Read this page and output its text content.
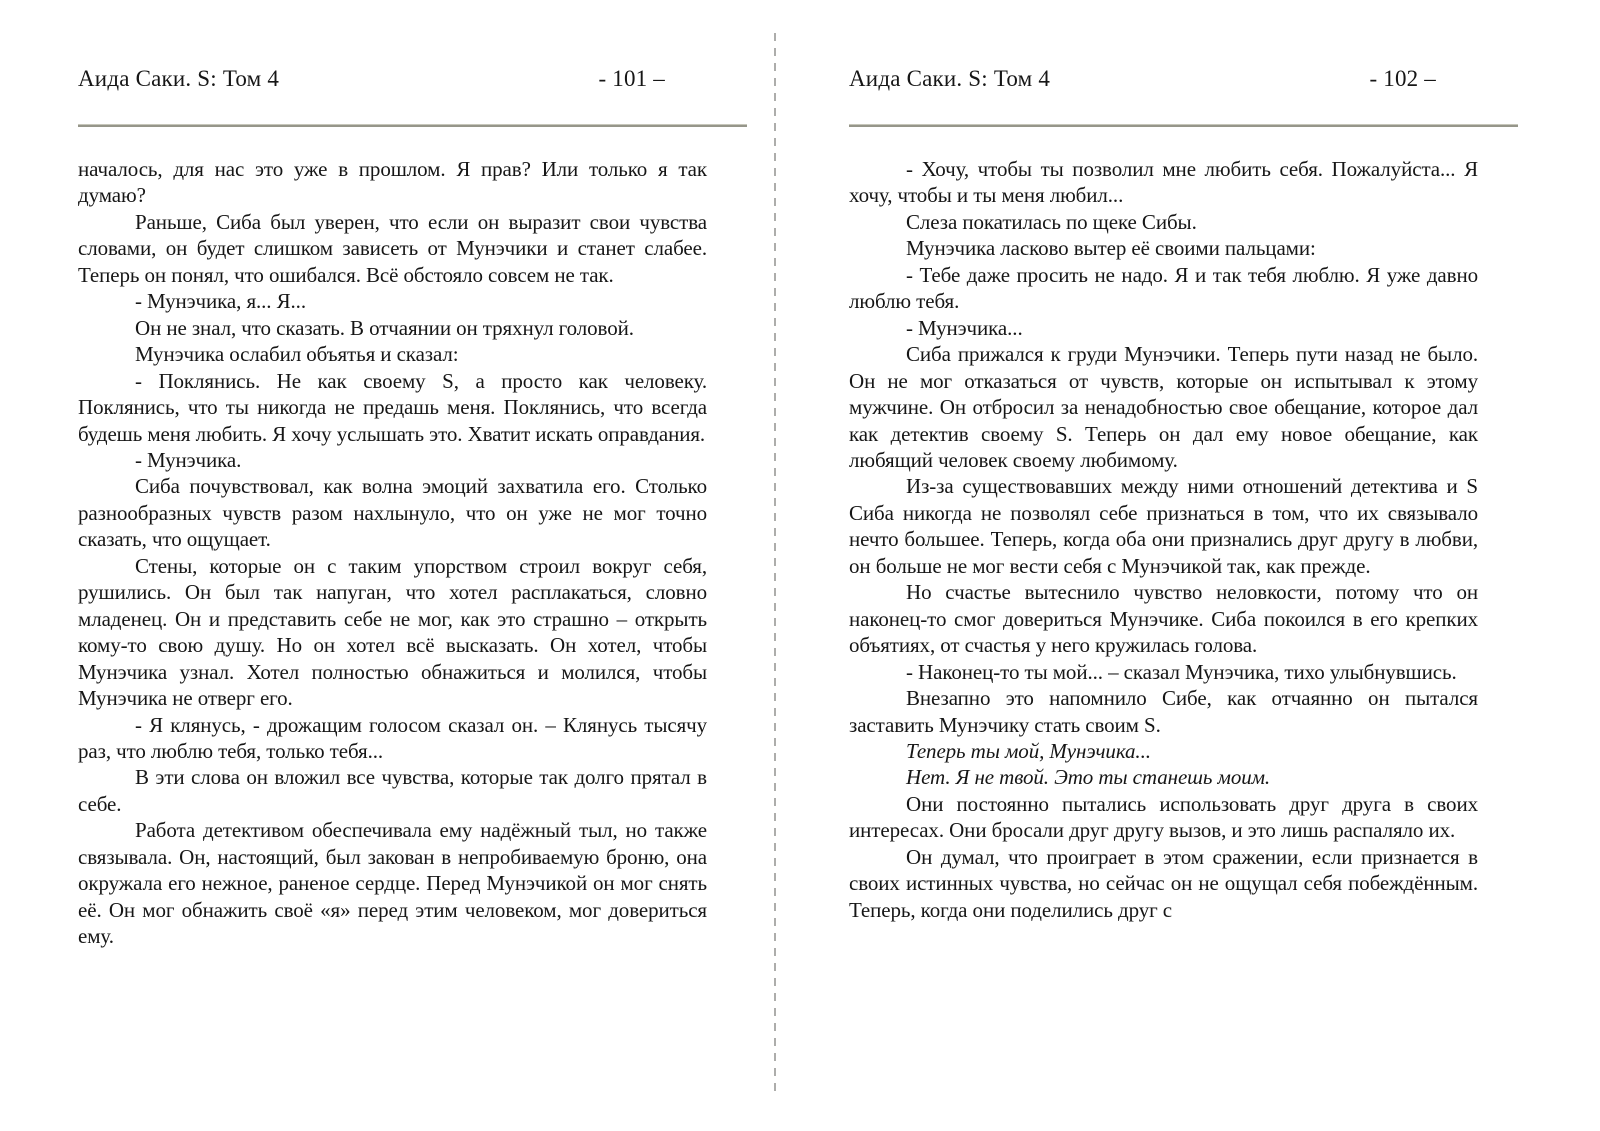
Аида Саки. S: Том 4	- 101 –

началось, для нас это уже в прошлом. Я прав? Или только я так думаю?

Раньше, Сиба был уверен, что если он выразит свои чувства словами, он будет слишком зависеть от Мунэчики и станет слабее. Теперь он понял, что ошибался. Всё обстояло совсем не так.

- Мунэчика, я... Я...

Он не знал, что сказать. В отчаянии он тряхнул головой.

Мунэчика ослабил объятья и сказал:

- Поклянись. Не как своему S, а просто как человеку. Поклянись, что ты никогда не предашь меня. Поклянись, что всегда будешь меня любить. Я хочу услышать это. Хватит искать оправдания.

- Мунэчика.

Сиба почувствовал, как волна эмоций захватила его. Столько разнообразных чувств разом нахлынуло, что он уже не мог точно сказать, что ощущает.

Стены, которые он с таким упорством строил вокруг себя, рушились. Он был так напуган, что хотел расплакаться, словно младенец. Он и представить себе не мог, как это страшно – открыть кому-то свою душу. Но он хотел всё высказать. Он хотел, чтобы Мунэчика узнал. Хотел полностью обнажиться и молился, чтобы Мунэчика не отверг его.

- Я клянусь, - дрожащим голосом сказал он. – Клянусь тысячу раз, что люблю тебя, только тебя...

В эти слова он вложил все чувства, которые так долго прятал в себе.

Работа детективом обеспечивала ему надёжный тыл, но также связывала. Он, настоящий, был закован в непробиваемую броню, она окружала его нежное, раненое сердце. Перед Мунэчикой он мог снять её. Он мог обнажить своё «я» перед этим человеком, мог довериться ему.

Аида Саки. S: Том 4	- 102 –

- Хочу, чтобы ты позволил мне любить себя. Пожалуйста... Я хочу, чтобы и ты меня любил...

Слеза покатилась по щеке Сибы.

Мунэчика ласково вытер её своими пальцами:

- Тебе даже просить не надо. Я и так тебя люблю. Я уже давно люблю тебя.

- Мунэчика...

Сиба прижался к груди Мунэчики. Теперь пути назад не было. Он не мог отказаться от чувств, которые он испытывал к этому мужчине. Он отбросил за ненадобностью свое обещание, которое дал как детектив своему S. Теперь он дал ему новое обещание, как любящий человек своему любимому.

Из-за существовавших между ними отношений детектива и S Сиба никогда не позволял себе признаться в том, что их связывало нечто большее. Теперь, когда оба они признались друг другу в любви, он больше не мог вести себя с Мунэчикой так, как прежде.

Но счастье вытеснило чувство неловкости, потому что он наконец-то смог довериться Мунэчике. Сиба покоился в его крепких объятиях, от счастья у него кружилась голова.

- Наконец-то ты мой... – сказал Мунэчика, тихо улыбнувшись.

Внезапно это напомнило Сибе, как отчаянно он пытался заставить Мунэчику стать своим S.

Теперь ты мой, Мунэчика...

Нет. Я не твой. Это ты станешь моим.

Они постоянно пытались использовать друг друга в своих интересах. Они бросали друг другу вызов, и это лишь распаляло их.

Он думал, что проиграет в этом сражении, если признается в своих истинных чувства, но сейчас он не ощущал себя побеждённым. Теперь, когда они поделились друг с
